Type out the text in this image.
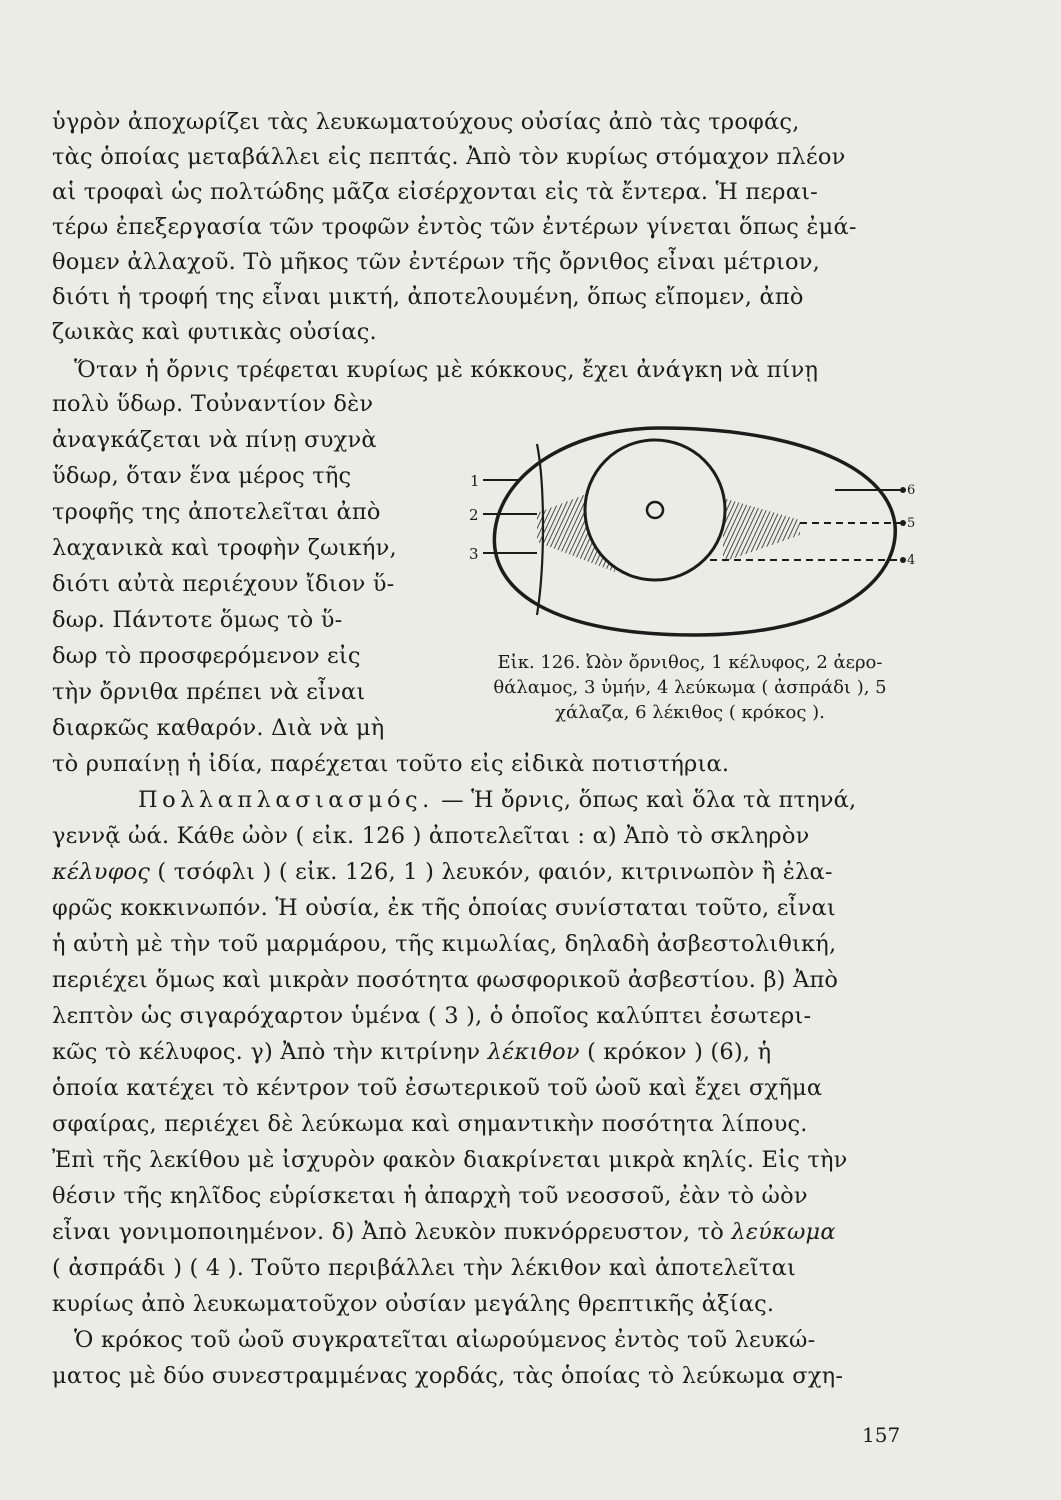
ὑγρὸν ἀποχωρίζει τὰς λευκωματούχους οὐσίας ἀπὸ τὰς τροφάς,
τὰς ὁποίας μεταβάλλει εἰς πεπτάς. Ἀπὸ τὸν κυρίως στόμαχον πλέον
αἱ τροφαὶ ὡς πολτώδης μᾶζα εἰσέρχονται εἰς τὰ ἔντερα. Ἡ περαι-
τέρω ἐπεξεργασία τῶν τροφῶν ἐντὸς τῶν ἐντέρων γίνεται ὅπως ἐμά-
θομεν ἀλλαχοῦ. Τὸ μῆκος τῶν ἐντέρων τῆς ὄρνιθος εἶναι μέτριον,
διότι ἡ τροφή της εἶναι μικτή, ἀποτελουμένη, ὅπως εἴπομεν, ἀπὸ
ζωικὰς καὶ φυτικὰς οὐσίας.
Ὅταν ἡ ὄρνις τρέφεται κυρίως μὲ κόκκους, ἔχει ἀνάγκη νὰ πίνῃ
πολὺ ὕδωρ. Τοὐναντίον δὲν
ἀναγκάζεται νὰ πίνῃ συχνὰ
ὕδωρ, ὅταν ἕνα μέρος τῆς
τροφῆς της ἀποτελεῖται ἀπὸ
λαχανικὰ καὶ τροφὴν ζωικήν,
διότι αὐτὰ περιέχουν ἴδιον ὕ-
δωρ. Πάντοτε ὅμως τὸ ὕ-
δωρ τὸ προσφερόμενον εἰς
τὴν ὄρνιθα πρέπει νὰ εἶναι
διαρκῶς καθαρόν. Διὰ νὰ μὴ
1
2
3	4
5
6
Εἰκ. 126. Ὠὸν ὄρνιθος, 1 κέλυφος, 2 ἀερο-
θάλαμος, 3 ὑμήν, 4 λεύκωμα ( ἀσπράδι ), 5
χάλαζα, 6 λέκιθος ( κρόκος ).
τὸ ρυπαίνῃ ἡ ἰδία, παρέχεται τοῦτο εἰς εἰδικὰ ποτιστήρια.
Πολλαπλασιασμός. — Ἡ ὄρνις, ὅπως καὶ ὅλα τὰ πτηνά,
γεννᾷ ὠά. Κάθε ὠὸν ( εἰκ. 126 ) ἀποτελεῖται : α) Ἀπὸ τὸ σκληρὸν
κέλυφος ( τσόφλι ) ( εἰκ. 126, 1 ) λευκόν, φαιόν, κιτρινωπὸν ἢ ἐλα-
φρῶς κοκκινωπόν. Ἡ οὐσία, ἐκ τῆς ὁποίας συνίσταται τοῦτο, εἶναι
ἡ αὐτὴ μὲ τὴν τοῦ μαρμάρου, τῆς κιμωλίας, δηλαδὴ ἀσβεστολιθική,
περιέχει ὅμως καὶ μικρὰν ποσότητα φωσφορικοῦ ἀσβεστίου. β) Ἀπὸ
λεπτὸν ὡς σιγαρόχαρτον ὑμένα ( 3 ), ὁ ὁποῖος καλύπτει ἐσωτερι-
κῶς τὸ κέλυφος. γ) Ἀπὸ τὴν κιτρίνην λέκιθον ( κρόκον ) (6), ἡ
ὁποία κατέχει τὸ κέντρον τοῦ ἐσωτερικοῦ τοῦ ὠοῦ καὶ ἔχει σχῆμα
σφαίρας, περιέχει δὲ λεύκωμα καὶ σημαντικὴν ποσότητα λίπους.
Ἐπὶ τῆς λεκίθου μὲ ἰσχυρὸν φακὸν διακρίνεται μικρὰ κηλίς. Εἰς τὴν
θέσιν τῆς κηλῖδος εὑρίσκεται ἡ ἀπαρχὴ τοῦ νεοσσοῦ, ἐὰν τὸ ὠὸν
εἶναι γονιμοποιημένον. δ) Ἀπὸ λευκὸν πυκνόρρευστον, τὸ λεύκωμα
( ἀσπράδι ) ( 4 ). Τοῦτο περιβάλλει τὴν λέκιθον καὶ ἀποτελεῖται
κυρίως ἀπὸ λευκωματοῦχον οὐσίαν μεγάλης θρεπτικῆς ἀξίας.
Ὁ κρόκος τοῦ ὠοῦ συγκρατεῖται αἰωρούμενος ἐντὸς τοῦ λευκώ-
ματος μὲ δύο συνεστραμμένας χορδάς, τὰς ὁποίας τὸ λεύκωμα σχη-
157
